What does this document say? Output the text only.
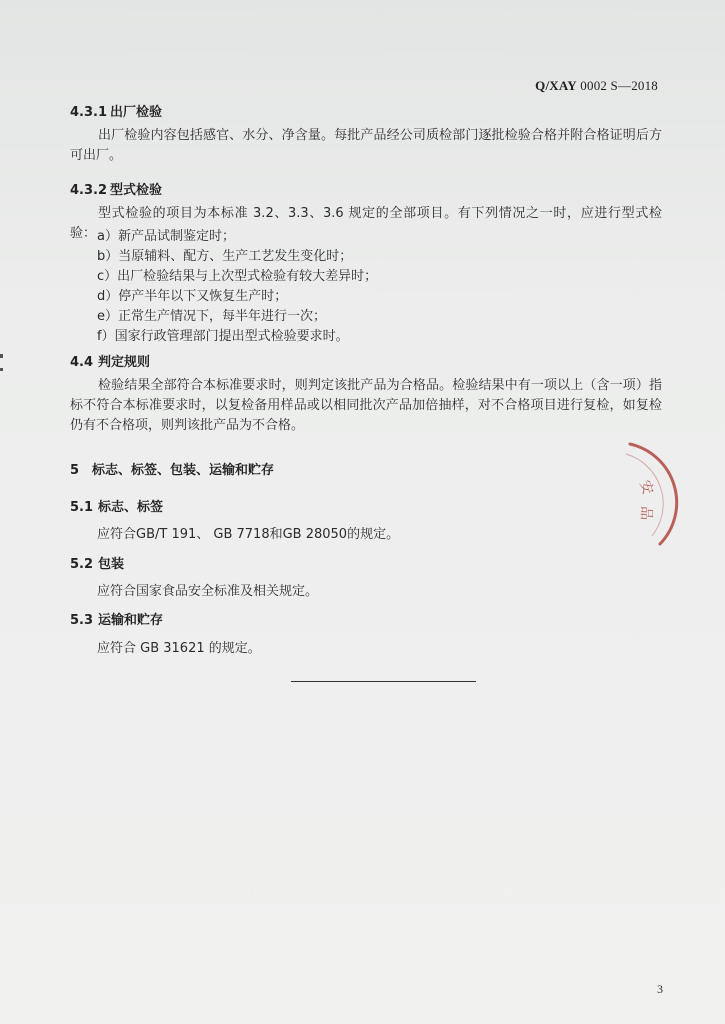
Q/XAY 0002 S—2018
4.3.1 出厂检验
出厂检验内容包括感官、水分、净含量。每批产品经公司质检部门逐批检验合格并附合格证明后方可出厂。
4.3.2 型式检验
型式检验的项目为本标准 3.2、3.3、3.6 规定的全部项目。有下列情况之一时，应进行型式检验： a）新产品试制鉴定时；
b）当原辅料、配方、生产工艺发生变化时；
c）出厂检验结果与上次型式检验有较大差异时；
d）停产半年以下又恢复生产时；
e）正常生产情况下，每半年进行一次；
f）国家行政管理部门提出型式检验要求时。
4.4 判定规则
检验结果全部符合本标准要求时，则判定该批产品为合格品。检验结果中有一项以上（含一项）指标不符合本标准要求时，以复检备用样品或以相同批次产品加倍抽样，对不合格项目进行复检，如复检仍有不合格项，则判该批产品为不合格。
5 标志、标签、包装、运输和贮存
5.1 标志、标签
应符合GB/T 191、 GB 7718和GB 28050的规定。
5.2 包装
应符合国家食品安全标准及相关规定。
5.3 运输和贮存
应符合 GB 31621 的规定。
3
安
品
